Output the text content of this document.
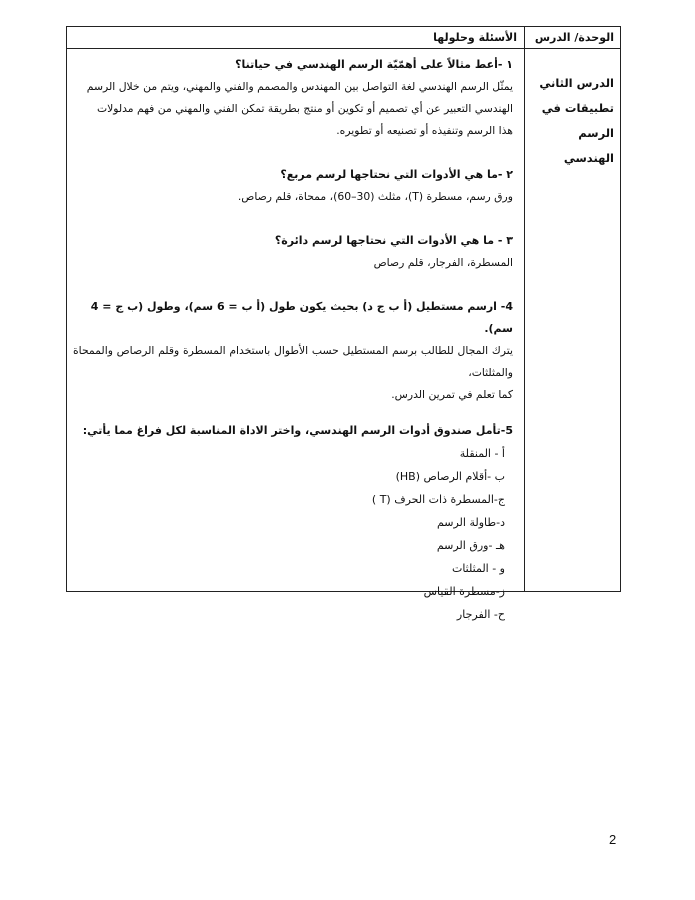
الوحدة/ الدرس
الأسئلة وحلولها
الدرس الثاني
تطبيقات في الرسم
الهندسي
١ -أعط مثالاً على أهمّيّة الرسم الهندسي في حياتنا؟
يمثّل الرسم الهندسي لغة التواصل بين المهندس والمصمم والفني والمهني، ويتم من خلال الرسم
الهندسي التعبير عن أي تصميم أو تكوين أو منتج بطريقة تمكن الفني والمهني من فهم مدلولات
هذا الرسم وتنفيذه أو تصنيعه أو تطويره.
٢ -ما هي الأدوات التي نحتاجها لرسم مربع؟
ورق رسم، مسطرة (T)، مثلث (30–60)، ممحاة، قلم رصاص.
٣ - ما هي الأدوات التي نحتاجها لرسم دائرة؟
المسطرة، الفرجار، قلم رصاص
4- ارسم مستطيل (أ ب ج د) بحيث يكون طول (أ ب = 6 سم)، وطول (ب ج = 4 سم).
يترك المجال للطالب برسم المستطيل حسب الأطوال باستخدام المسطرة وقلم الرصاص والممحاة والمثلثات،
كما تعلم في تمرين الدرس.
5-تأمل صندوق أدوات الرسم الهندسي، واختر الاداة المناسبة لكل فراغ مما يأتي:
أ - المنقلة
ب -أقلام الرصاص (HB)
ج-المسطرة ذات الحرف (T )
د-طاولة الرسم
هـ -ورق الرسم
و - المثلثات
ز-مسطرة القياس
ح- الفرجار
2
